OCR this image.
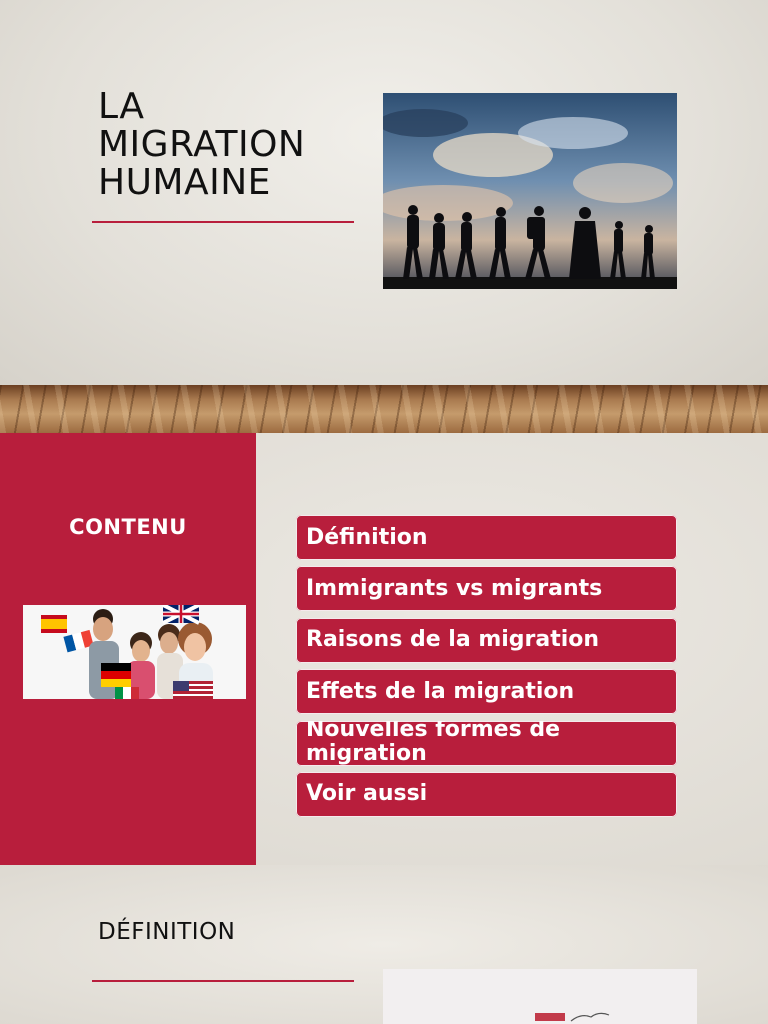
LA
MIGRATION
HUMAINE
CONTENU	Définition
Immigrants vs migrants
Raisons de la migration
Effets de la migration
Nouvelles formes de migration
Voir aussi
DÉFINITION
